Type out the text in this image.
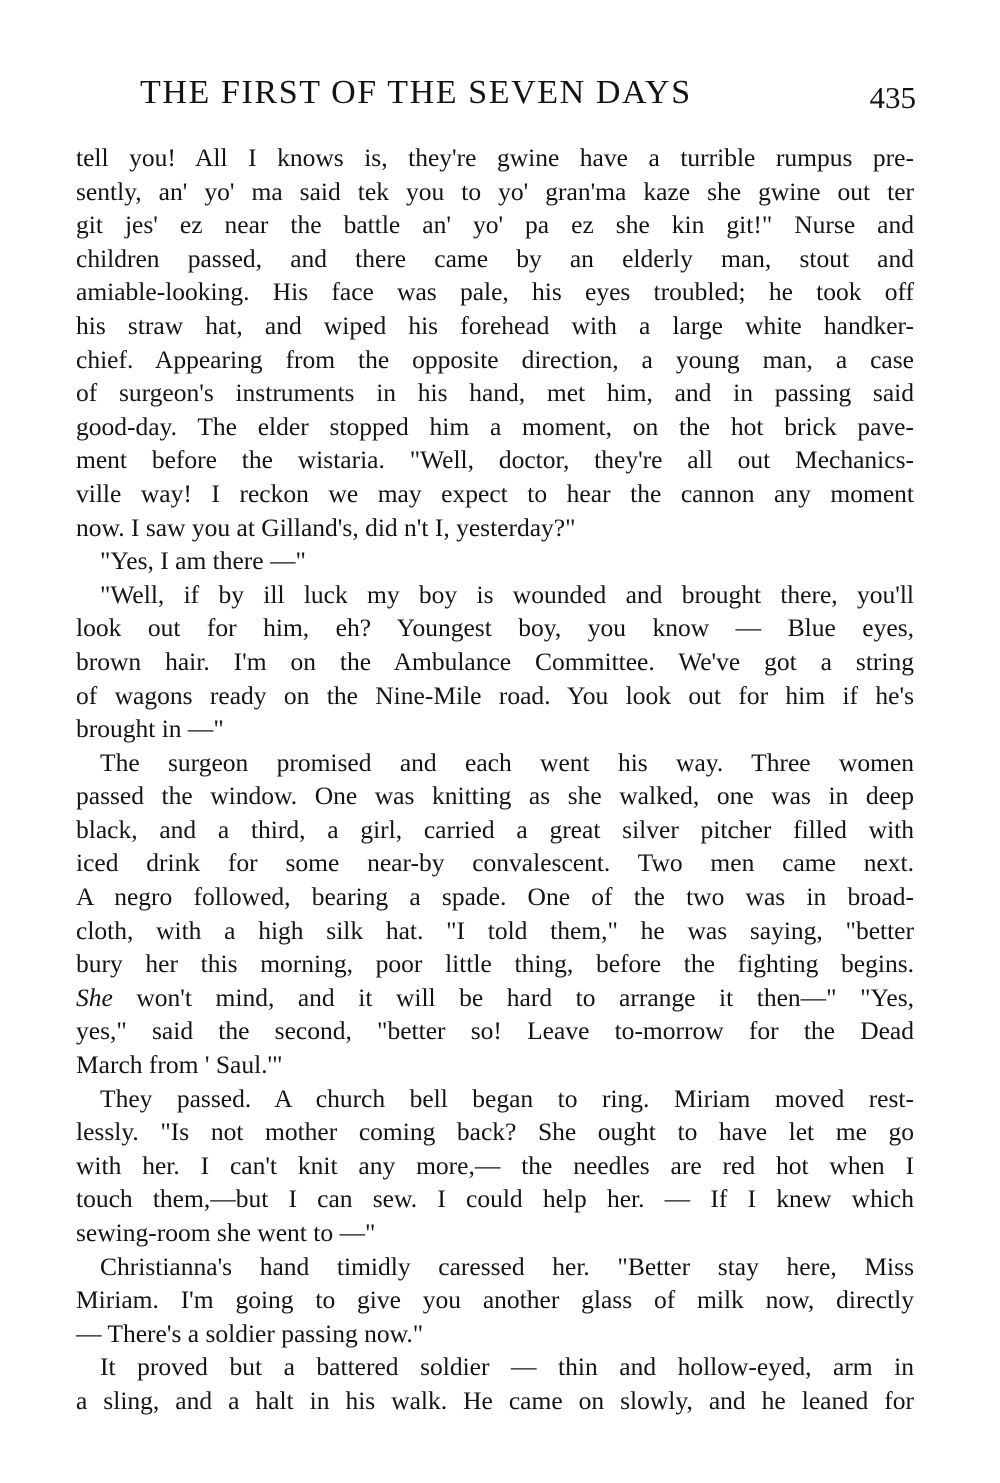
THE FIRST OF THE SEVEN DAYS	435
tell you! All I knows is, they're gwine have a turrible rumpus pre-
sently, an' yo' ma said tek you to yo' gran'ma kaze she gwine out ter
git jes' ez near the battle an' yo' pa ez she kin git!" Nurse and
children passed, and there came by an elderly man, stout and
amiable-looking. His face was pale, his eyes troubled; he took off
his straw hat, and wiped his forehead with a large white handker-
chief. Appearing from the opposite direction, a young man, a case
of surgeon's instruments in his hand, met him, and in passing said
good-day. The elder stopped him a moment, on the hot brick pave-
ment before the wistaria. "Well, doctor, they're all out Mechanics-
ville way! I reckon we may expect to hear the cannon any moment
now. I saw you at Gilland's, did n't I, yesterday?"
"Yes, I am there —"
"Well, if by ill luck my boy is wounded and brought there, you'll
look out for him, eh? Youngest boy, you know — Blue eyes,
brown hair. I'm on the Ambulance Committee. We've got a string
of wagons ready on the Nine-Mile road. You look out for him if he's
brought in —"
The surgeon promised and each went his way. Three women
passed the window. One was knitting as she walked, one was in deep
black, and a third, a girl, carried a great silver pitcher filled with
iced drink for some near-by convalescent. Two men came next.
A negro followed, bearing a spade. One of the two was in broad-
cloth, with a high silk hat. "I told them," he was saying, "better
bury her this morning, poor little thing, before the fighting begins.
She won't mind, and it will be hard to arrange it then—" "Yes,
yes," said the second, "better so! Leave to-morrow for the Dead
March from ' Saul.'"
They passed. A church bell began to ring. Miriam moved rest-
lessly. "Is not mother coming back? She ought to have let me go
with her. I can't knit any more,— the needles are red hot when I
touch them,—but I can sew. I could help her. — If I knew which
sewing-room she went to —"
Christianna's hand timidly caressed her. "Better stay here, Miss
Miriam. I'm going to give you another glass of milk now, directly
— There's a soldier passing now."
It proved but a battered soldier — thin and hollow-eyed, arm in
a sling, and a halt in his walk. He came on slowly, and he leaned for
